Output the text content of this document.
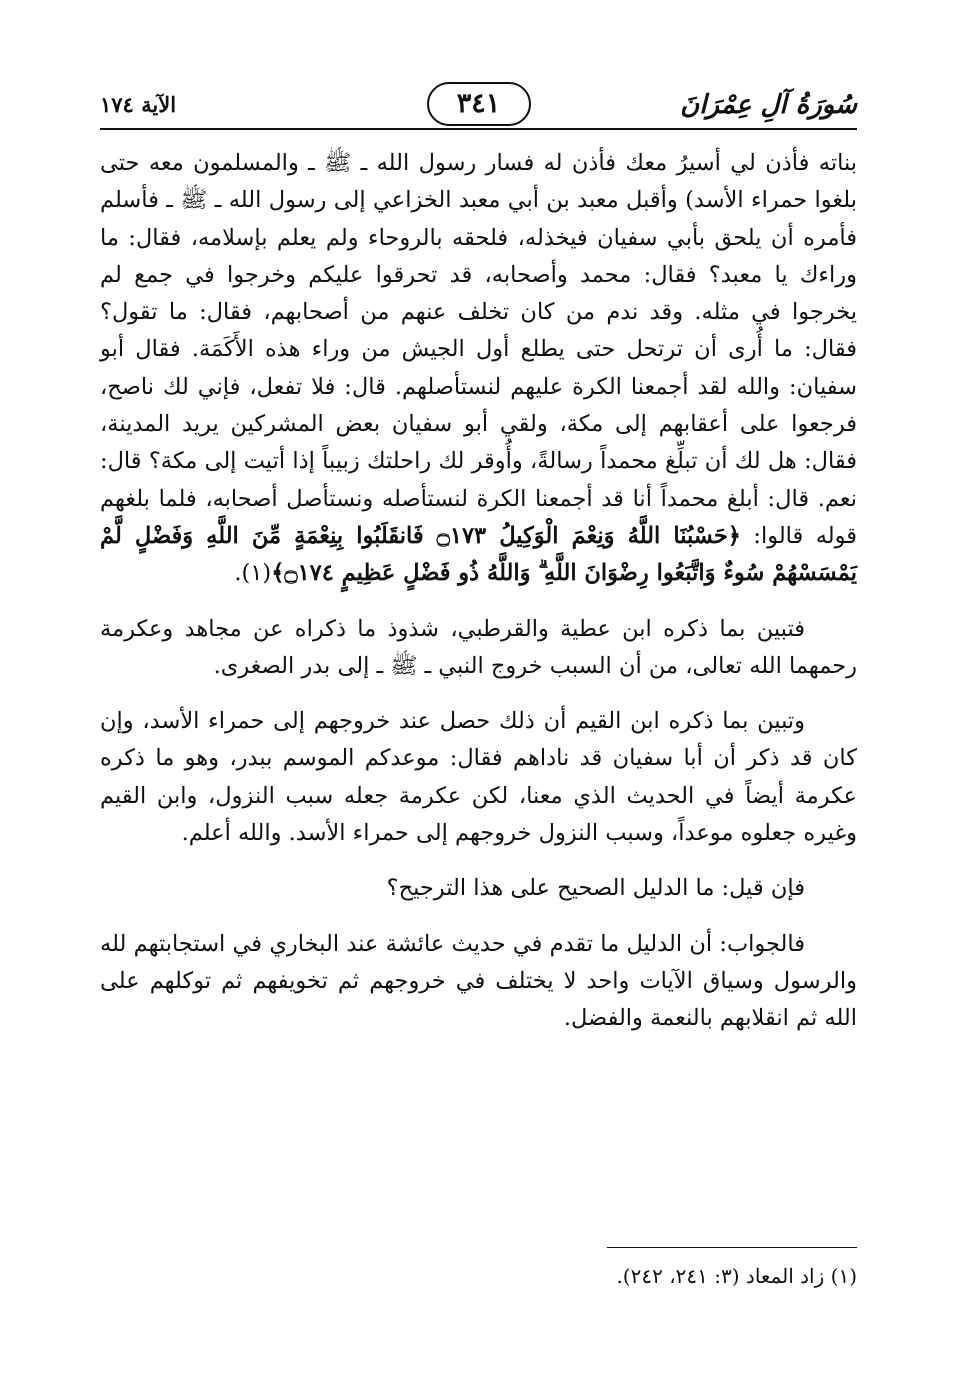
سُورَةُ آلِ عِمْرَانَ
٣٤١
الآية ١٧٤

بناته فأذن لي أسيرُ معك فأذن له فسار رسول الله ـ ﷺ ـ والمسلمون معه حتى بلغوا حمراء الأسد) وأقبل معبد بن أبي معبد الخزاعي إلى رسول الله ـ ﷺ ـ فأسلم فأمره أن يلحق بأبي سفيان فيخذله، فلحقه بالروحاء ولم يعلم بإسلامه، فقال: ما وراءك يا معبد؟ فقال: محمد وأصحابه، قد تحرقوا عليكم وخرجوا في جمع لم يخرجوا في مثله. وقد ندم من كان تخلف عنهم من أصحابهم، فقال: ما تقول؟ فقال: ما أُرى أن ترتحل حتى يطلع أول الجيش من وراء هذه الأَكَمَة. فقال أبو سفيان: والله لقد أجمعنا الكرة عليهم لنستأصلهم. قال: فلا تفعل، فإني لك ناصح، فرجعوا على أعقابهم إلى مكة، ولقي أبو سفيان بعض المشركين يريد المدينة، فقال: هل لك أن تبلِّغ محمداً رسالةً، وأُوقر لك راحلتك زبيباً إذا أتيت إلى مكة؟ قال: نعم. قال: أبلغ محمداً أنا قد أجمعنا الكرة لنستأصله ونستأصل أصحابه، فلما بلغهم قوله قالوا: ﴿حَسْبُنَا اللَّهُ وَنِعْمَ الْوَكِيلُ ۝١٧٣ فَانقَلَبُوا بِنِعْمَةٍ مِّنَ اللَّهِ وَفَضْلٍ لَّمْ يَمْسَسْهُمْ سُوءٌ وَاتَّبَعُوا رِضْوَانَ اللَّهِ ۗ وَاللَّهُ ذُو فَضْلٍ عَظِيمٍ ۝١٧٤﴾(١).

فتبين بما ذكره ابن عطية والقرطبي، شذوذ ما ذكراه عن مجاهد وعكرمة رحمهما الله تعالى، من أن السبب خروج النبي ـ ﷺ ـ إلى بدر الصغرى.

وتبين بما ذكره ابن القيم أن ذلك حصل عند خروجهم إلى حمراء الأسد، وإن كان قد ذكر أن أبا سفيان قد ناداهم فقال: موعدكم الموسم ببدر، وهو ما ذكره عكرمة أيضاً في الحديث الذي معنا، لكن عكرمة جعله سبب النزول، وابن القيم وغيره جعلوه موعداً، وسبب النزول خروجهم إلى حمراء الأسد. والله أعلم.

فإن قيل: ما الدليل الصحيح على هذا الترجيح؟

فالجواب: أن الدليل ما تقدم في حديث عائشة عند البخاري في استجابتهم لله والرسول وسياق الآيات واحد لا يختلف في خروجهم ثم تخويفهم ثم توكلهم على الله ثم انقلابهم بالنعمة والفضل.

(١) زاد المعاد (٣: ٢٤١، ٢٤٢).
